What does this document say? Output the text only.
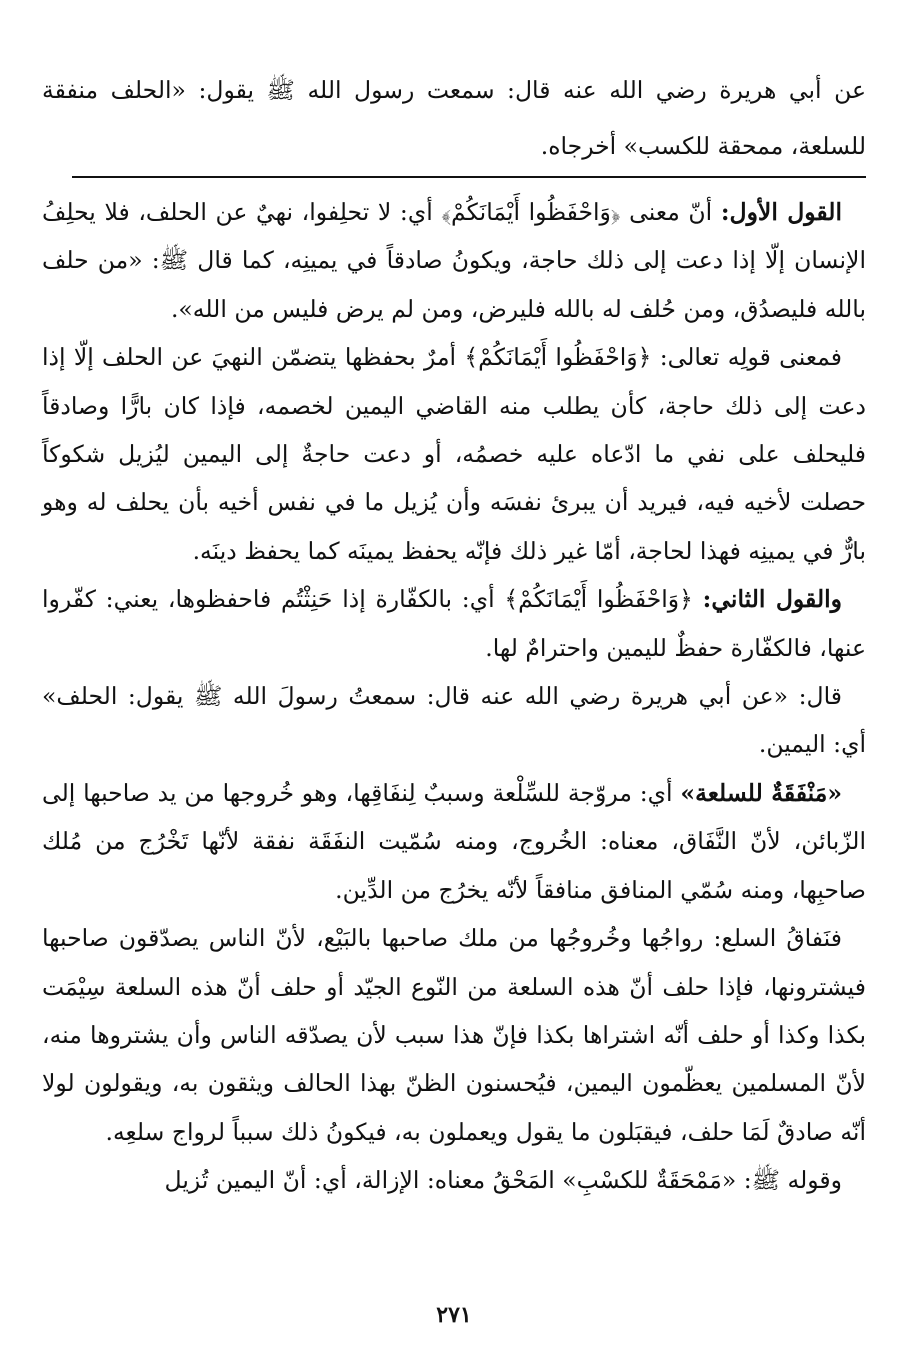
عن أبي هريرة رضي الله عنه قال: سمعت رسول الله ﷺ يقول: «الحلف منفقة للسلعة، ممحقة للكسب» أخرجاه.

القول الأول: أنّ معنى ﴿وَاحْفَظُوا أَيْمَانَكُمْ﴾ أي: لا تحلِفوا، نهيٌ عن الحلف، فلا يحلِفُ الإنسان إلّا إذا دعت إلى ذلك حاجة، ويكونُ صادقاً في يمينِه، كما قال ﷺ: «من حلف بالله فليصدُق، ومن حُلف له بالله فليرض، ومن لم يرض فليس من الله».

فمعنى قولِه تعالى: ﴿وَاحْفَظُوا أَيْمَانَكُمْ﴾ أمرٌ بحفظها يتضمّن النهيَ عن الحلف إلّا إذا دعت إلى ذلك حاجة، كأن يطلب منه القاضي اليمين لخصمه، فإذا كان بارًّا وصادقاً فليحلف على نفي ما ادّعاه عليه خصمُه، أو دعت حاجةٌ إلى اليمين ليُزيل شكوكاً حصلت لأخيه فيه، فيريد أن يبرئ نفسَه وأن يُزيل ما في نفس أخيه بأن يحلف له وهو بارٌّ في يمينِه فهذا لحاجة، أمّا غير ذلك فإنّه يحفظ يمينَه كما يحفظ دينَه.

والقول الثاني: ﴿وَاحْفَظُوا أَيْمَانَكُمْ﴾ أي: بالكفّارة إذا حَنِثْتُم فاحفظوها، يعني: كفّروا عنها، فالكفّارة حفظٌ لليمين واحترامٌ لها.

قال: «عن أبي هريرة رضي الله عنه قال: سمعتُ رسولَ الله ﷺ يقول: الحلف» أي: اليمين.

«مَنْفَقَةٌ للسلعة» أي: مروّجة للسِّلْعة وسببٌ لِنفَاقِها، وهو خُروجها من يد صاحبها إلى الزّبائن، لأنّ النَّفَاق، معناه: الخُروج، ومنه سُمّيت النفَقَة نفقة لأنّها تَخْرُج من مُلك صاحبِها، ومنه سُمّي المنافق منافقاً لأنّه يخرُج من الدِّين.

فنَفاقُ السلع: رواجُها وخُروجُها من ملك صاحبها بالبَيْع، لأنّ الناس يصدّقون صاحبها فيشترونها، فإذا حلف أنّ هذه السلعة من النّوع الجيّد أو حلف أنّ هذه السلعة سِيْمَت بكذا وكذا أو حلف أنّه اشتراها بكذا فإنّ هذا سبب لأن يصدّقه الناس وأن يشتروها منه، لأنّ المسلمين يعظّمون اليمين، فيُحسنون الظنّ بهذا الحالف ويثقون به، ويقولون لولا أنّه صادقٌ لَمَا حلف، فيقبَلون ما يقول ويعملون به، فيكونُ ذلك سبباً لرواج سلعِه.

وقوله ﷺ: «مَمْحَقَةٌ للكسْبِ» المَحْقُ معناه: الإزالة، أي: أنّ اليمين تُزيل

٢٧١
